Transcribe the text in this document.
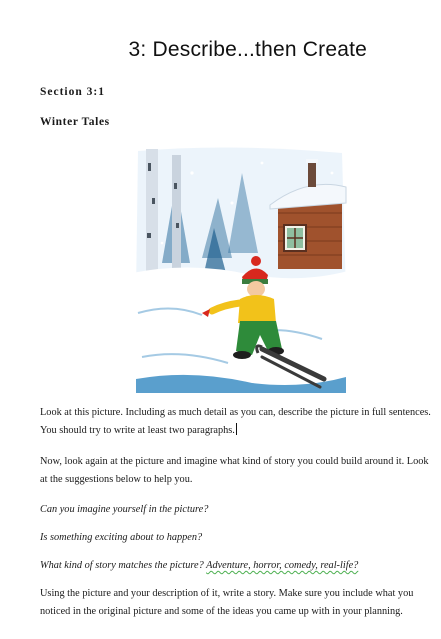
3: Describe...then Create
Section 3:1
Winter Tales
Look at this picture. Including as much detail as you can, describe the picture in full sentences. You should try to write at least two paragraphs.
Now, look again at the picture and imagine what kind of story you could build around it. Look at the suggestions below to help you.
Can you imagine yourself in the picture?
Is something exciting about to happen?
What kind of story matches the picture? Adventure, horror, comedy, real-life?
Using the picture and your description of it, write a story. Make sure you include what you noticed in the original picture and some of the ideas you came up with in your planning.
